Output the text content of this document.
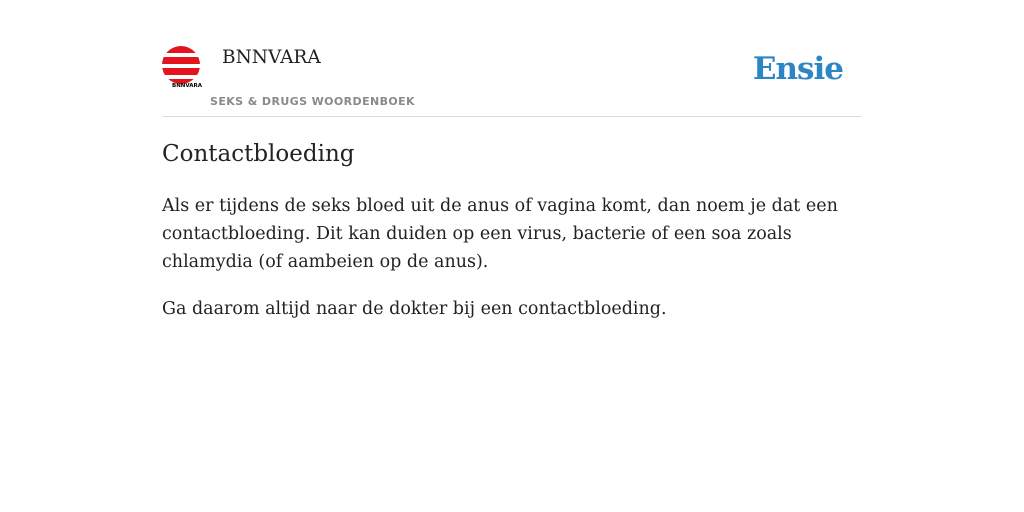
BNNVARA
BNNVARA
SEKS & DRUGS WOORDENBOEK
Ensie
Contactbloeding

Als er tijdens de seks bloed uit de anus of vagina komt, dan noem je dat een contactbloeding. Dit kan duiden op een virus, bacterie of een soa zoals chlamydia (of aambeien op de anus).

Ga daarom altijd naar de dokter bij een contactbloeding.
